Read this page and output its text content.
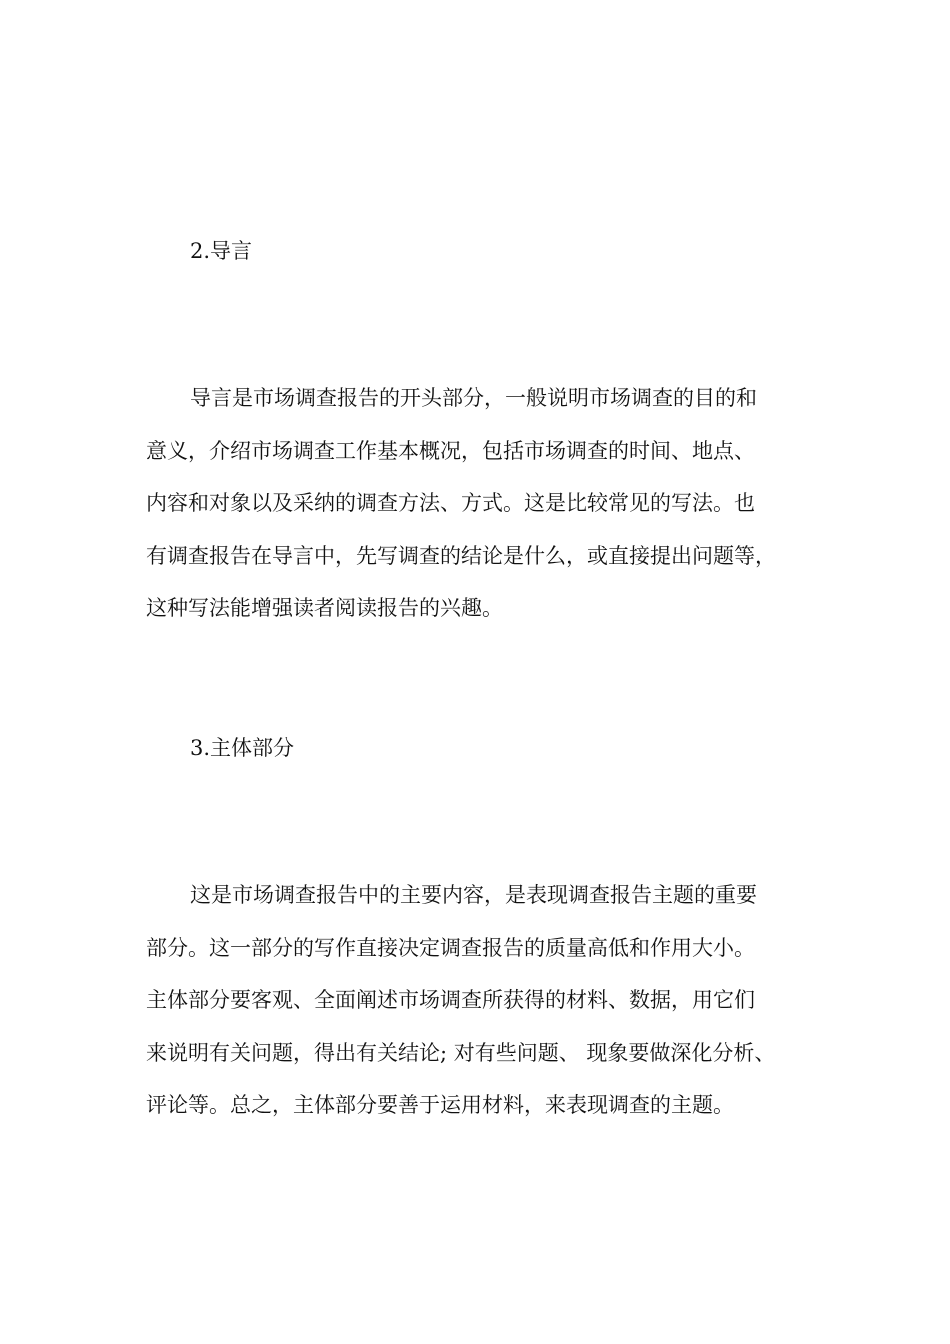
2.导言
导言是市场调查报告的开头部分，一般说明市场调查的目的和
意义，介绍市场调查工作基本概况，包括市场调查的时间、地点、
内容和对象以及采纳的调查方法、方式。这是比较常见的写法。也
有调查报告在导言中，先写调查的结论是什么，或直接提出问题等，
这种写法能增强读者阅读报告的兴趣。
3.主体部分
这是市场调查报告中的主要内容，是表现调查报告主题的重要
部分。这一部分的写作直接决定调查报告的质量高低和作用大小。
主体部分要客观、全面阐述市场调查所获得的材料、数据，用它们
来说明有关问题，得出有关结论; 对有些问题、 现象要做深化分析、
评论等。总之，主体部分要善于运用材料，来表现调查的主题。
